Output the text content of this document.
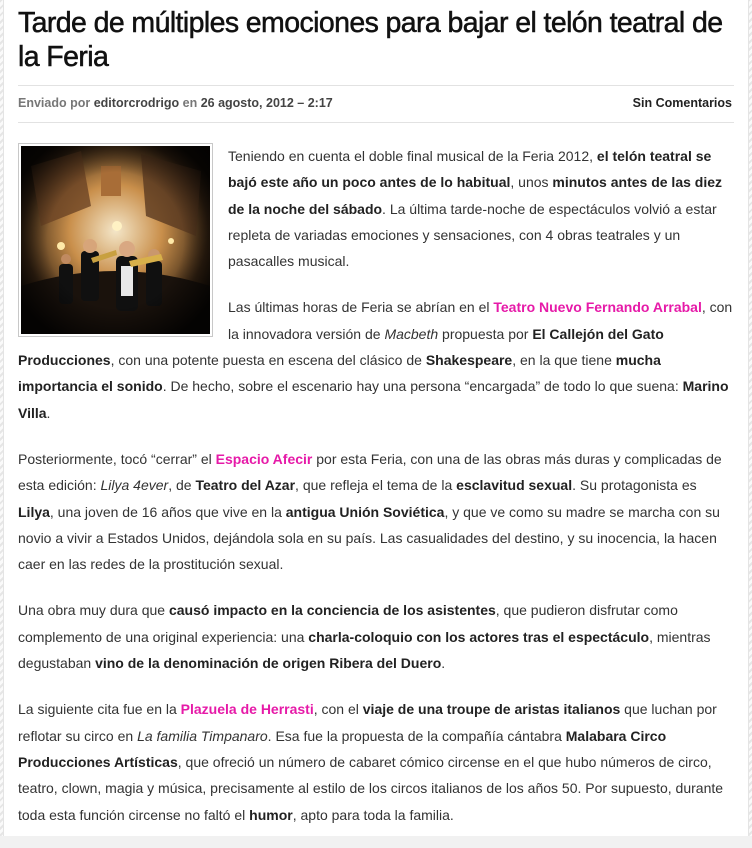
Tarde de múltiples emociones para bajar el telón teatral de la Feria
Enviado por editorcrodrigo en 26 agosto, 2012 – 2:17	Sin Comentarios

Teniendo en cuenta el doble final musical de la Feria 2012, el telón teatral se bajó este año un poco antes de lo habitual, unos minutos antes de las diez de la noche del sábado. La última tarde-noche de espectáculos volvió a estar repleta de variadas emociones y sensaciones, con 4 obras teatrales y un pasacalles musical.

Las últimas horas de Feria se abrían en el Teatro Nuevo Fernando Arrabal, con la innovadora versión de Macbeth propuesta por El Callejón del Gato Producciones, con una potente puesta en escena del clásico de Shakespeare, en la que tiene mucha importancia el sonido. De hecho, sobre el escenario hay una persona “encargada” de todo lo que suena: Marino Villa.

Posteriormente, tocó “cerrar” el Espacio Afecir por esta Feria, con una de las obras más duras y complicadas de esta edición: Lilya 4ever, de Teatro del Azar, que refleja el tema de la esclavitud sexual. Su protagonista es Lilya, una joven de 16 años que vive en la antigua Unión Soviética, y que ve como su madre se marcha con su novio a vivir a Estados Unidos, dejándola sola en su país. Las casualidades del destino, y su inocencia, la hacen caer en las redes de la prostitución sexual.

Una obra muy dura que causó impacto en la conciencia de los asistentes, que pudieron disfrutar como complemento de una original experiencia: una charla-coloquio con los actores tras el espectáculo, mientras degustaban vino de la denominación de origen Ribera del Duero.

La siguiente cita fue en la Plazuela de Herrasti, con el viaje de una troupe de aristas italianos que luchan por reflotar su circo en La familia Timpanaro. Esa fue la propuesta de la compañía cántabra Malabara Circo Producciones Artísticas, que ofreció un número de cabaret cómico circense en el que hubo números de circo, teatro, clown, magia y música, precisamente al estilo de los circos italianos de los años 50. Por supuesto, durante toda esta función circense no faltó el humor, apto para toda la familia.
